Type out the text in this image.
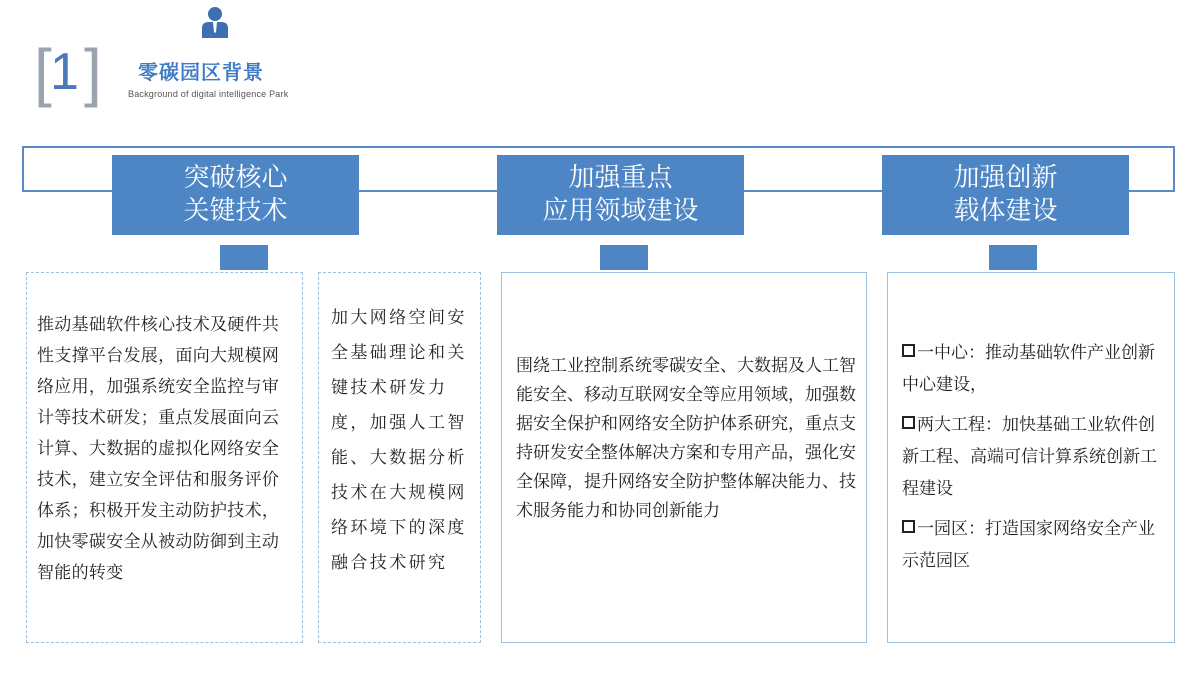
[
1 ] 零碳园区背景
Background of digital intelligence Park
突破核心
关键技术
加强重点
应用领域建设
加强创新
载体建设

推动基础软件核心技术及硬件共性支撑平台发展，面向大规模网络应用，加强系统安全监控与审计等技术研发；重点发展面向云计算、大数据的虚拟化网络安全技术，建立安全评估和服务评价体系；积极开发主动防护技术，加快零碳安全从被动防御到主动智能的转变

加大网络空间安全基础理论和关键技术研发力度，加强人工智能、大数据分析技术在大规模网络环境下的深度融合技术研究

围绕工业控制系统零碳安全、大数据及人工智能安全、移动互联网安全等应用领域，加强数据安全保护和网络安全防护体系研究，重点支持研发安全整体解决方案和专用产品，强化安全保障，提升网络安全防护整体解决能力、技术服务能力和协同创新能力

一中心：推动基础软件产业创新中心建设，

两大工程：加快基础工业软件创新工程、高端可信计算系统创新工程建设

一园区：打造国家网络安全产业示范园区
